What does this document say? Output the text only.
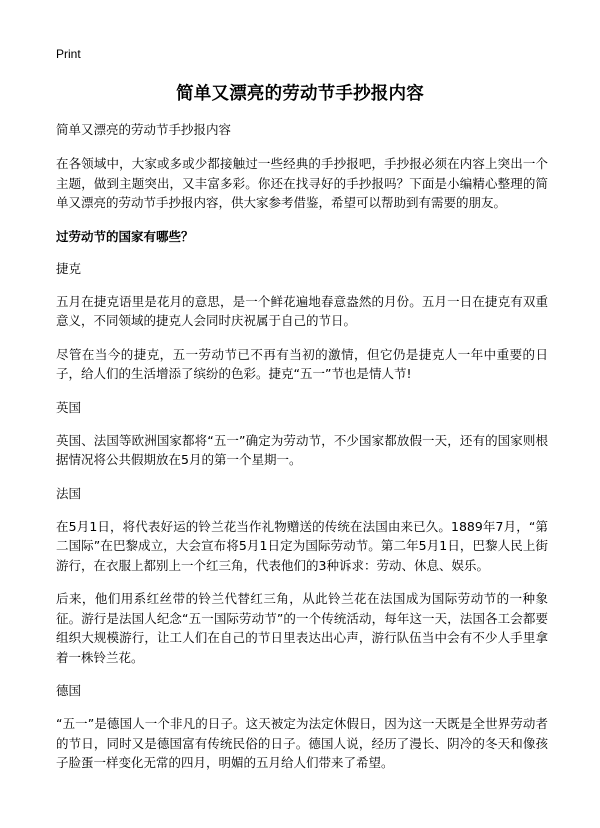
Print
简单又漂亮的劳动节手抄报内容
简单又漂亮的劳动节手抄报内容

在各领域中，大家或多或少都接触过一些经典的手抄报吧，手抄报必须在内容上突出一个主题，做到主题突出，又丰富多彩。你还在找寻好的手抄报吗？下面是小编精心整理的简单又漂亮的劳动节手抄报内容，供大家参考借鉴，希望可以帮助到有需要的朋友。

过劳动节的国家有哪些？
捷克

五月在捷克语里是花月的意思，是一个鲜花遍地春意盎然的月份。五月一日在捷克有双重意义，不同领域的捷克人会同时庆祝属于自己的节日。

尽管在当今的捷克，五一劳动节已不再有当初的激情，但它仍是捷克人一年中重要的日子，给人们的生活增添了缤纷的色彩。捷克“五一”节也是情人节!

英国

英国、法国等欧洲国家都将“五一”确定为劳动节，不少国家都放假一天，还有的国家则根据情况将公共假期放在5月的第一个星期一。

法国

在5月1日，将代表好运的铃兰花当作礼物赠送的传统在法国由来已久。1889年7月，“第二国际”在巴黎成立，大会宣布将5月1日定为国际劳动节。第二年5月1日，巴黎人民上街游行，在衣服上都别上一个红三角，代表他们的3种诉求：劳动、休息、娱乐。

后来，他们用系红丝带的铃兰代替红三角，从此铃兰花在法国成为国际劳动节的一种象征。游行是法国人纪念“五一国际劳动节”的一个传统活动，每年这一天，法国各工会都要组织大规模游行，让工人们在自己的节日里表达出心声，游行队伍当中会有不少人手里拿着一株铃兰花。

德国

“五一”是德国人一个非凡的日子。这天被定为法定休假日，因为这一天既是全世界劳动者的节日，同时又是德国富有传统民俗的日子。德国人说，经历了漫长、阴冷的冬天和像孩子脸蛋一样变化无常的四月，明媚的五月给人们带来了希望。
